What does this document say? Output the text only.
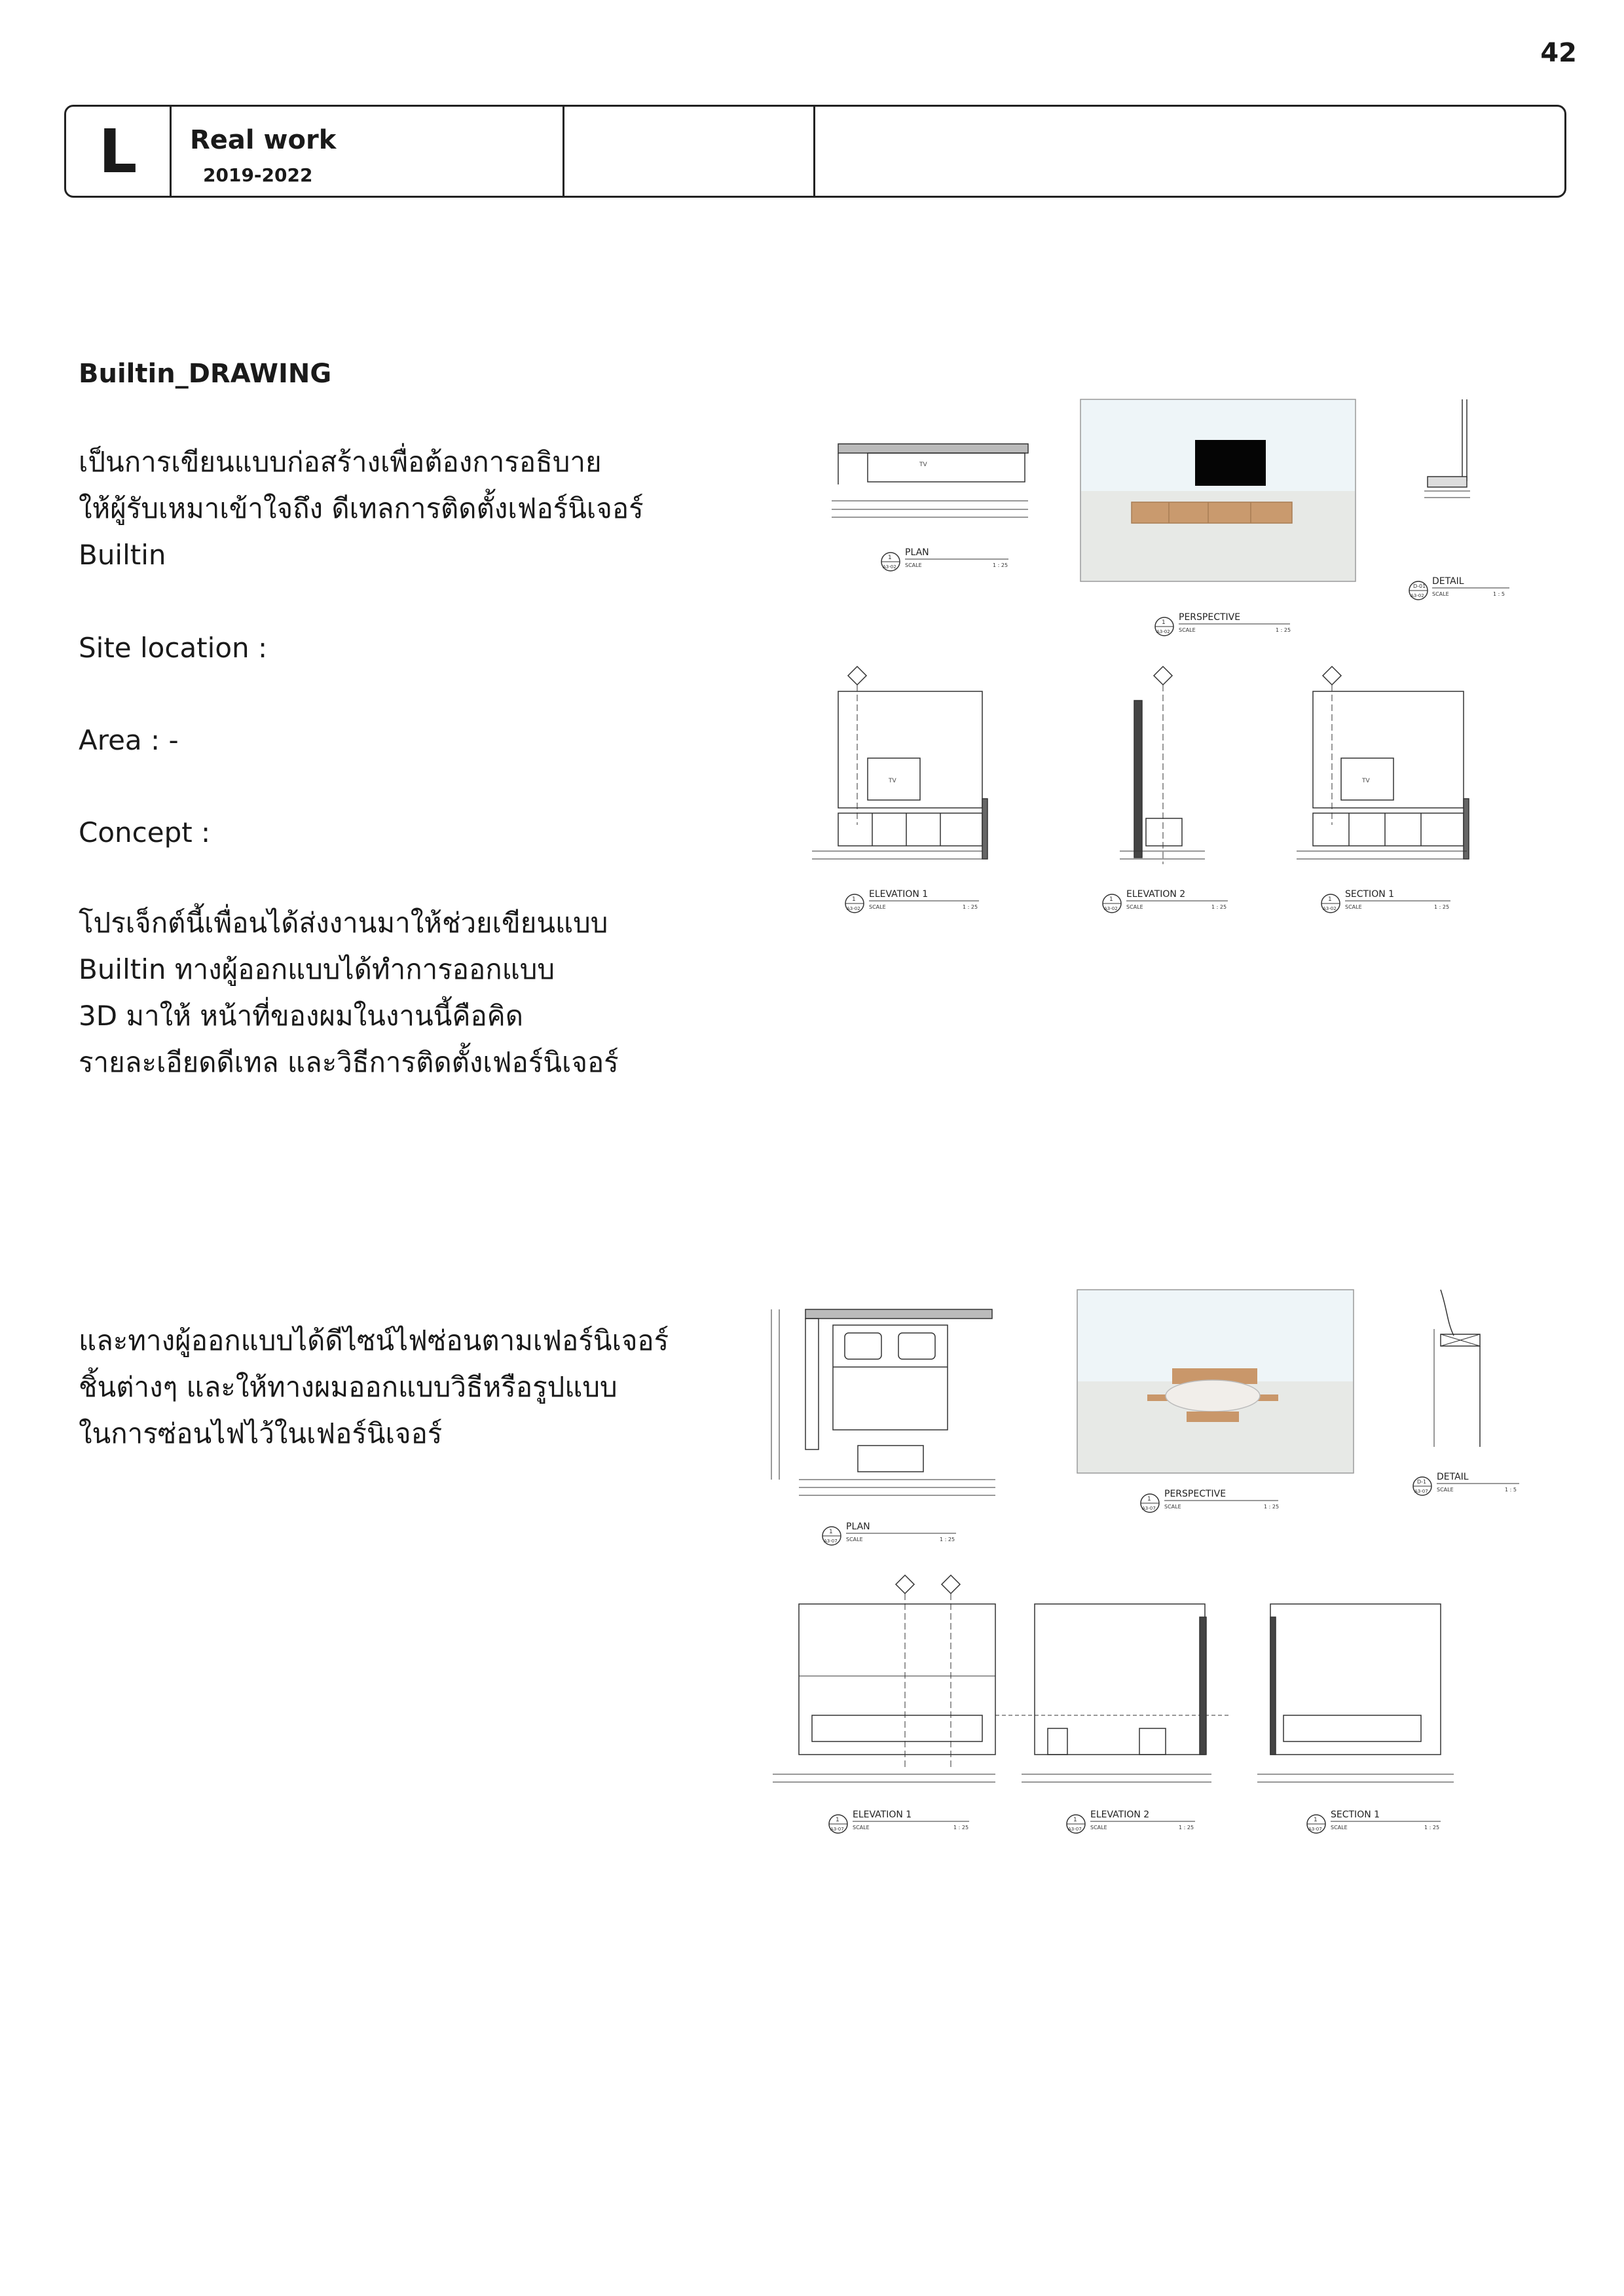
42
L	Real work
2019-2022
Builtin_DRAWING
เป็นการเขียนแบบก่อสร้างเพื่อต้องการอธิบาย
ให้ผู้รับเหมาเข้าใจถึง ดีเทลการติดตั้งเฟอร์นิเจอร์
Builtin
Site location :
Area : -
Concept :
โปรเจ็กต์นี้เพื่อนได้ส่งงานมาให้ช่วยเขียนแบบ
Builtin ทางผู้ออกแบบได้ทำการออกแบบ
3D มาให้ หน้าที่ของผมในงานนี้คือคิด
รายละเอียดดีเทล และวิธีการติดตั้งเฟอร์นิเจอร์
และทางผู้ออกแบบได้ดีไซน์ไฟซ่อนตามเฟอร์นิเจอร์
ชิ้นต่างๆ และให้ทางผมออกแบบวิธีหรือรูปแบบ
ในการซ่อนไฟไว้ในเฟอร์นิเจอร์
TV
1
A3-02
PLAN
SCALE	1 : 25
1
A3-02
PERSPECTIVE
SCALE	1 : 25
D-01
A3-02
DETAIL
SCALE	1 : 5
TV
1
A3-02
ELEVATION 1
SCALE	1 : 25
1
A3-02
ELEVATION 2
SCALE	1 : 25
TV
1
A3-02
SECTION 1
SCALE	1 : 25
1
A3-07
PLAN
SCALE	1 : 25
1
A3-07
PERSPECTIVE
SCALE	1 : 25
D-1
A3-07
DETAIL
SCALE	1 : 5
1
A3-07
ELEVATION 1
SCALE	1 : 25
1
A3-07
ELEVATION 2
SCALE	1 : 25
1
A3-07
SECTION 1
SCALE	1 : 25
